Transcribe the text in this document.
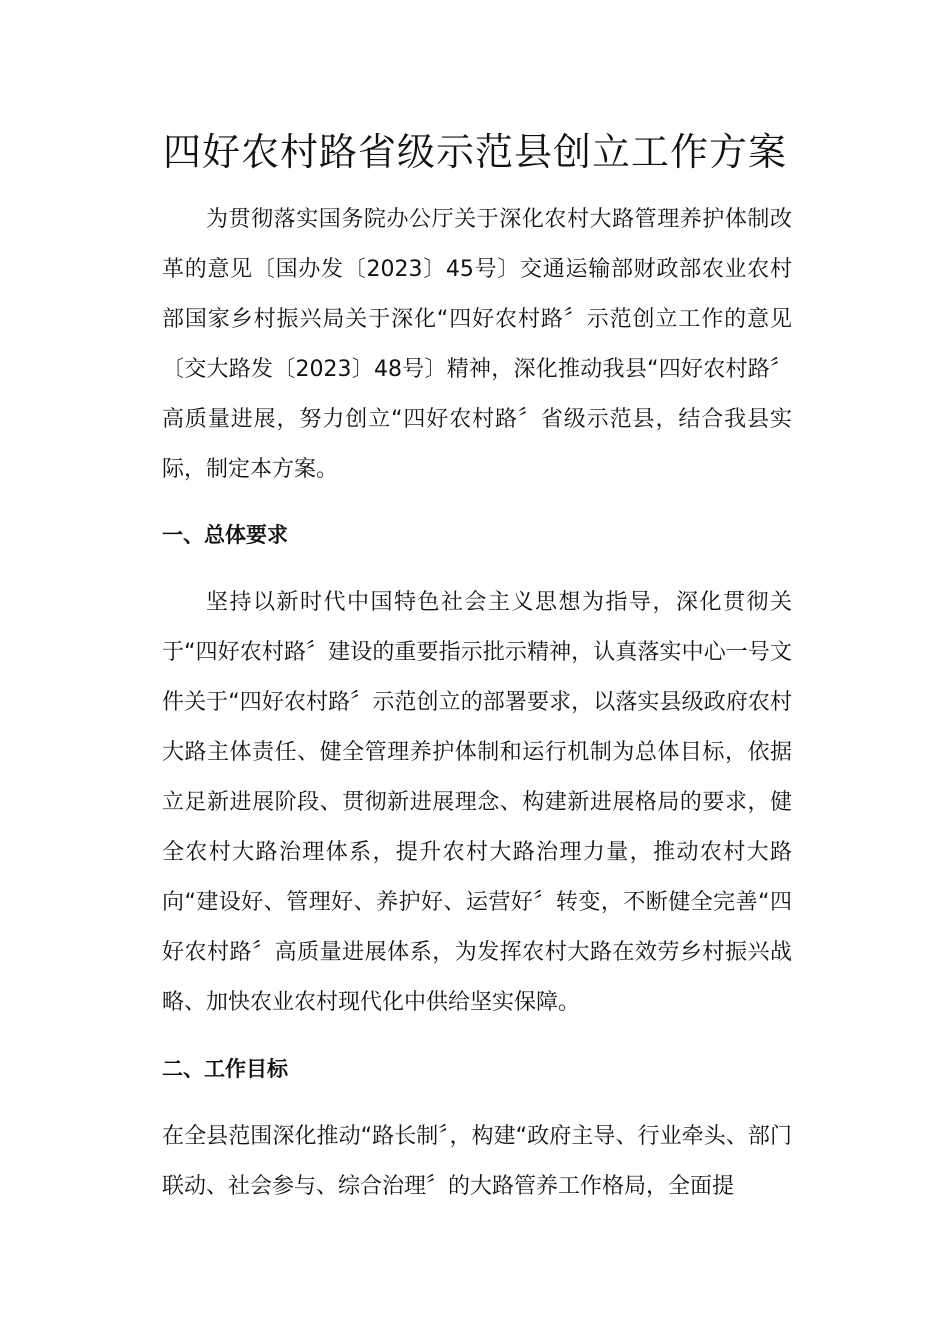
四好农村路省级示范县创立工作方案

为贯彻落实国务院办公厅关于深化农村大路管理养护体制改革的意见〔国办发〔2023〕45号〕交通运输部财政部农业农村部国家乡村振兴局关于深化“四好农村路〞示范创立工作的意见〔交大路发〔2023〕48号〕精神，深化推动我县“四好农村路〞高质量进展，努力创立“四好农村路〞省级示范县，结合我县实际，制定本方案。

一、总体要求

坚持以新时代中国特色社会主义思想为指导，深化贯彻关于“四好农村路〞建设的重要指示批示精神，认真落实中心一号文件关于“四好农村路〞示范创立的部署要求，以落实县级政府农村大路主体责任、健全管理养护体制和运行机制为总体目标，依据立足新进展阶段、贯彻新进展理念、构建新进展格局的要求，健全农村大路治理体系，提升农村大路治理力量，推动农村大路向“建设好、管理好、养护好、运营好〞转变，不断健全完善“四好农村路〞高质量进展体系，为发挥农村大路在效劳乡村振兴战略、加快农业农村现代化中供给坚实保障。

二、工作目标

在全县范围深化推动“路长制〞，构建“政府主导、行业牵头、部门联动、社会参与、综合治理〞的大路管养工作格局，全面提
